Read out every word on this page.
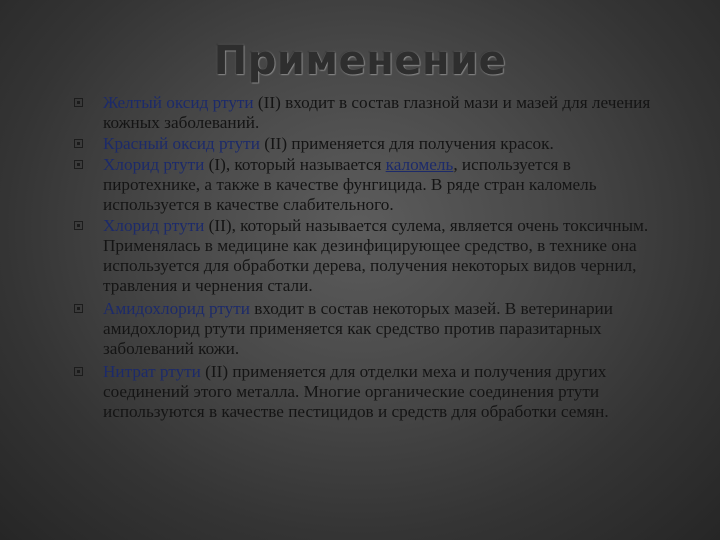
Применение
Желтый оксид ртути (II) входит в состав глазной мази и мазей для лечения кожных заболеваний.
Красный оксид ртути (II) применяется для получения красок.
Хлорид ртути (I), который называется каломель, используется в пиротехнике, а также в качестве фунгицида. В ряде стран каломель используется в качестве слабительного.
Хлорид ртути (II), который называется сулема, является очень токсичным. Применялась в медицине как дезинфицирующее средство, в технике она используется для обработки дерева, получения некоторых видов чернил, травления и чернения стали.
Амидохлорид ртути входит в состав некоторых мазей. В ветеринарии амидохлорид ртути применяется как средство против паразитарных заболеваний кожи.
Нитрат ртути (II) применяется для отделки меха и получения других соединений этого металла. Многие органические соединения ртути используются в качестве пестицидов и средств для обработки семян.
